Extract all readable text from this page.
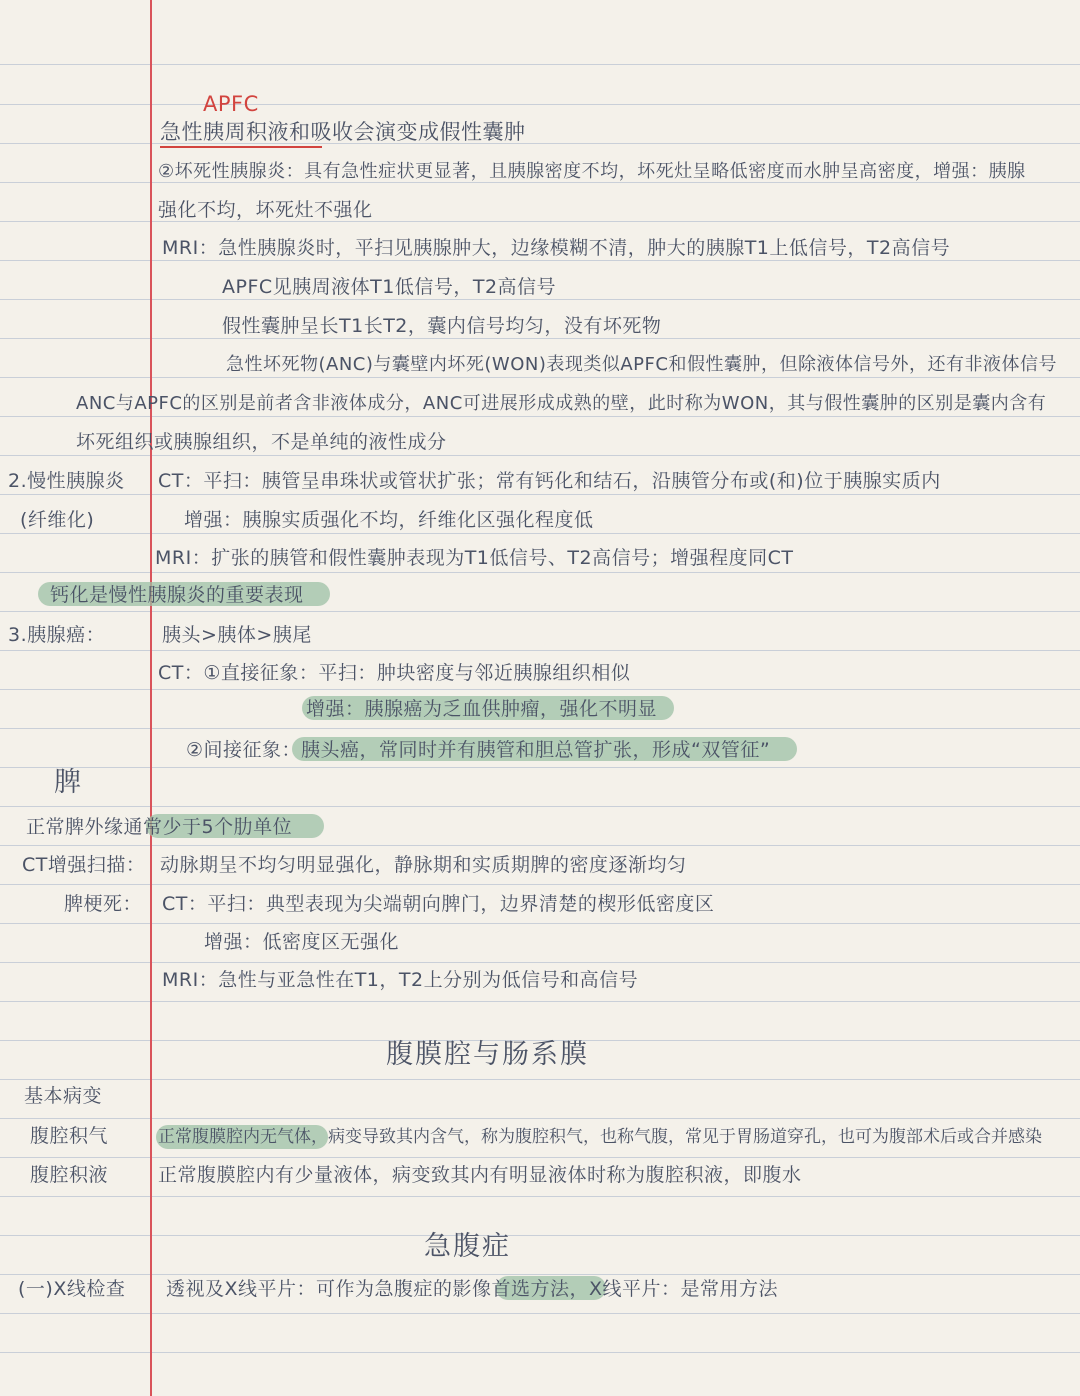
APFC
急性胰周积液和吸收会演变成假性囊肿
②坏死性胰腺炎：具有急性症状更显著，且胰腺密度不均，坏死灶呈略低密度而水肿呈高密度，增强：胰腺
强化不均，坏死灶不强化
MRI：急性胰腺炎时，平扫见胰腺肿大，边缘模糊不清，肿大的胰腺T1上低信号，T2高信号
APFC见胰周液体T1低信号，T2高信号
假性囊肿呈长T1长T2，囊内信号均匀，没有坏死物
急性坏死物(ANC)与囊壁内坏死(WON)表现类似APFC和假性囊肿，但除液体信号外，还有非液体信号
ANC与APFC的区别是前者含非液体成分，ANC可进展形成成熟的壁，此时称为WON，其与假性囊肿的区别是囊内含有
坏死组织或胰腺组织，不是单纯的液性成分
2.慢性胰腺炎
(纤维化)
CT：平扫：胰管呈串珠状或管状扩张；常有钙化和结石，沿胰管分布或(和)位于胰腺实质内
增强：胰腺实质强化不均，纤维化区强化程度低
MRI：扩张的胰管和假性囊肿表现为T1低信号、T2高信号；增强程度同CT
钙化是慢性胰腺炎的重要表现
3.胰腺癌：	胰头>胰体>胰尾
CT：①直接征象：平扫：肿块密度与邻近胰腺组织相似
增强：胰腺癌为乏血供肿瘤，强化不明显
②间接征象：胰头癌，常同时并有胰管和胆总管扩张，形成“双管征”
脾
正常脾外缘通常少于5个肋单位
CT增强扫描： 动脉期呈不均匀明显强化，静脉期和实质期脾的密度逐渐均匀
脾梗死： CT：平扫：典型表现为尖端朝向脾门，边界清楚的楔形低密度区
增强：低密度区无强化
MRI：急性与亚急性在T1，T2上分别为低信号和高信号
腹膜腔与肠系膜
基本病变
腹腔积气	正常腹膜腔内无气体，病变导致其内含气，称为腹腔积气，也称气腹，常见于胃肠道穿孔，也可为腹部术后或合并感染
腹腔积液	正常腹膜腔内有少量液体，病变致其内有明显液体时称为腹腔积液，即腹水
急腹症
(一)X线检查 透视及X线平片：可作为急腹症的影像首选方法，X线平片：是常用方法
